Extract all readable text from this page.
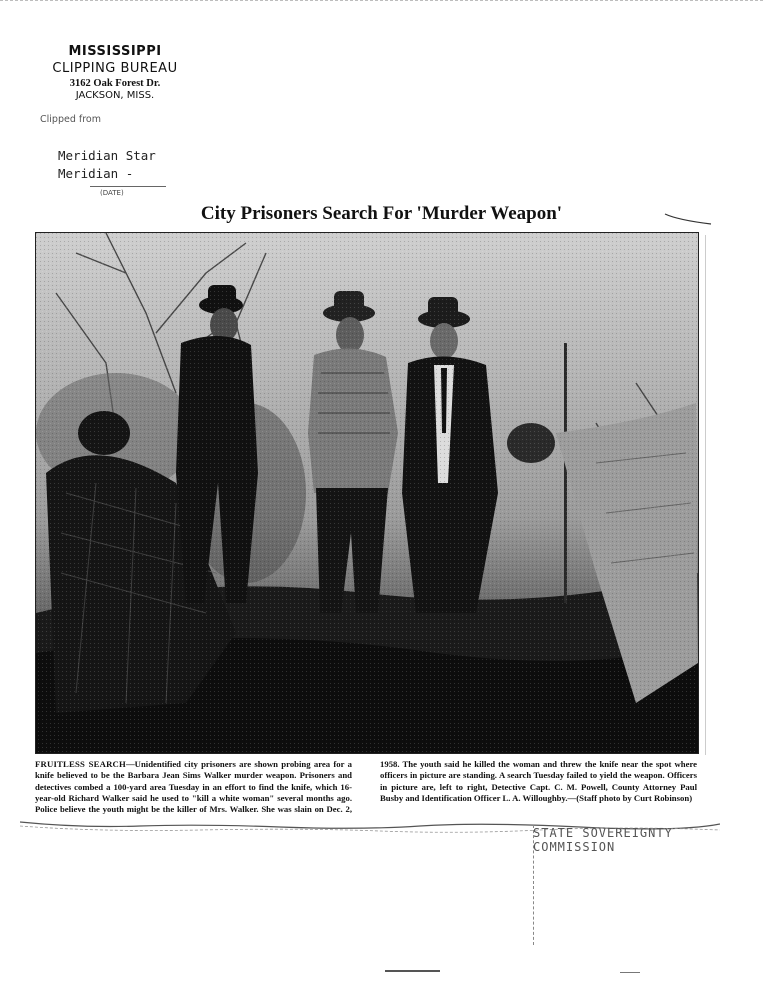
MISSISSIPPI
CLIPPING BUREAU
3162 Oak Forest Dr.
JACKSON, MISS.
Clipped from
Meridian Star
Meridian -
(DATE)
City Prisoners Search For 'Murder Weapon'
FRUITLESS SEARCH—Unidentified city prisoners are shown probing area for a knife believed to be the Barbara Jean Sims Walker murder weapon. Prisoners and detectives combed a 100-yard area Tuesday in an effort to find the knife, which 16-year-old Richard Walker said he used to "kill a white woman" several months ago. Police believe the youth might be the killer of Mrs. Walker. She was slain on Dec. 2, 1958. The youth said he killed the woman and threw the knife near the spot where officers in picture are standing. A search Tuesday failed to yield the weapon. Officers in picture are, left to right, Detective Capt. C. M. Powell, County Attorney Paul Busby and Identification Officer L. A. Willoughby.—(Staff photo by Curt Robinson)
STATE SOVEREIGNTY COMMISSION
